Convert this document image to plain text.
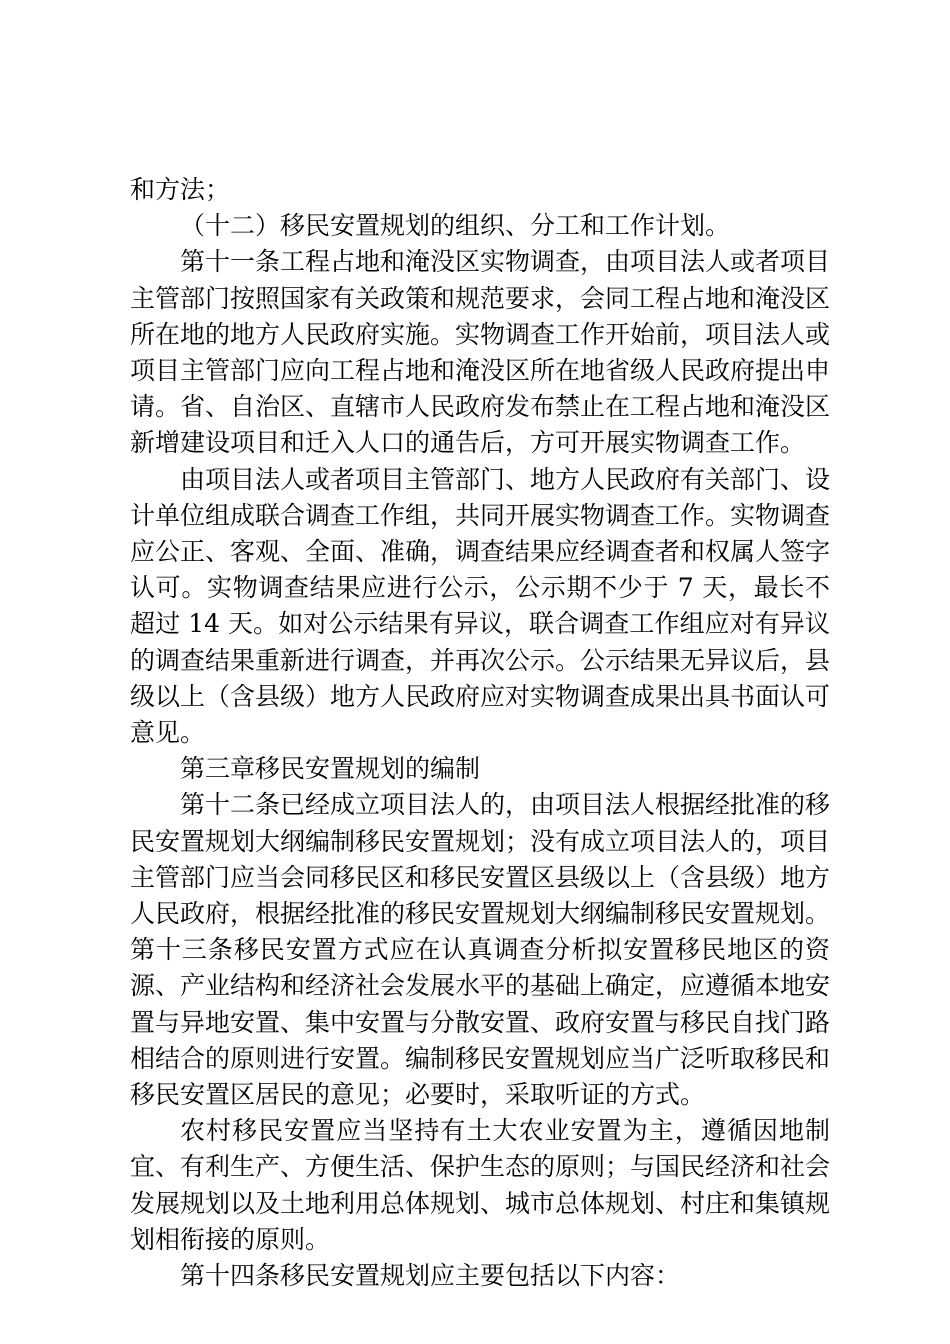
和方法；

（十二）移民安置规划的组织、分工和工作计划。

第十一条工程占地和淹没区实物调查，由项目法人或者项目主管部门按照国家有关政策和规范要求，会同工程占地和淹没区所在地的地方人民政府实施。实物调查工作开始前，项目法人或项目主管部门应向工程占地和淹没区所在地省级人民政府提出申请。省、自治区、直辖市人民政府发布禁止在工程占地和淹没区新增建设项目和迁入人口的通告后，方可开展实物调查工作。

由项目法人或者项目主管部门、地方人民政府有关部门、设计单位组成联合调查工作组，共同开展实物调查工作。实物调查应公正、客观、全面、准确，调查结果应经调查者和权属人签字认可。实物调查结果应进行公示，公示期不少于 7 天，最长不超过 14 天。如对公示结果有异议，联合调查工作组应对有异议的调查结果重新进行调查，并再次公示。公示结果无异议后，县级以上（含县级）地方人民政府应对实物调查成果出具书面认可意见。

第三章移民安置规划的编制

第十二条已经成立项目法人的，由项目法人根据经批准的移民安置规划大纲编制移民安置规划；没有成立项目法人的，项目主管部门应当会同移民区和移民安置区县级以上（含县级）地方人民政府，根据经批准的移民安置规划大纲编制移民安置规划。第十三条移民安置方式应在认真调查分析拟安置移民地区的资源、产业结构和经济社会发展水平的基础上确定，应遵循本地安置与异地安置、集中安置与分散安置、政府安置与移民自找门路相结合的原则进行安置。编制移民安置规划应当广泛听取移民和移民安置区居民的意见；必要时，采取听证的方式。

农村移民安置应当坚持有土大农业安置为主，遵循因地制宜、有利生产、方便生活、保护生态的原则；与国民经济和社会发展规划以及土地利用总体规划、城市总体规划、村庄和集镇规划相衔接的原则。

第十四条移民安置规划应主要包括以下内容：
